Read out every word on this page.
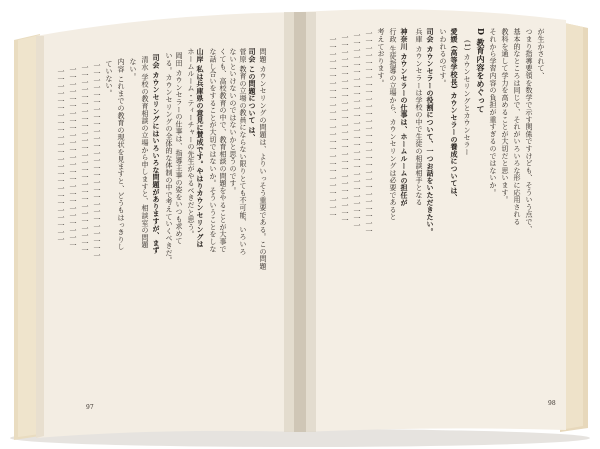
問題 カウンセリングの問題は、よりいっそう重要である。この問題
司会 この問題について は、
菅原 教育の立場の教員にならない限りとても不可能、いろいろ
ないといけないのではないかと思うのです。
くても、高校教育の中で、教育相談の問題をやることが大事で
な話し合いをすることが大切ではないか。そういうことをしな
山岸 私は兵庫県の意見に賛成です。やはりカウンセリングは
ホームルーム・ティーチャーの先生がやるべきだと思う。
岡田 カウンセラーの仕事は、指導主事の姿をいつも求めて
いる。カウンセリングの全体的な体制の中で考えていくべきだ。
司会 カウンセリングにはいろいろな問題がありますが、まず
清水 学校の教育相談の立場から申しますと、相談室の問題
ない。
内容 これまでの教育の現状を見ますと、どうもはっきりし
ていない。
一一一一一一一一一一一一一一一一一一一一一一一一一一一
一一一一一一一一一一一一一一一一一一一一一一一一一一
一一一一一一一一一一一一一一一一一一一一一一一一一
一一一一一一一一一一一一一一一一一一一一一一一一
97
が生かされて、
つまり指導要領を数学で示す関係ですけども、そういう点で、
基本的なところは同じで、それがいろいろな形に応用される
教科を通して学力を高めることが大切だと思います。
それから学習内容の負担が重すぎるのではないか。
D 教育内容をめぐって
(1) カウンセリングとカウンセラー
愛媛 (高等学校長) カウンセラーの養成については、
いわれるのです。
司会 カウンセラーの役割について、一つお話をいただきたい。
兵庫 カウンセラーは学校の中で生徒の相談相手となる
神奈川 カウンセラーの仕事は、ホームルームの担任が
行政 生徒指導の立場から、カウンセリングは必要であると
考えております。
一一一一一一一一一一一一一一一一一一一一一一一一一一一一
一一一一一一一一一一一一一一一一一一一一一一一一一一一
一一一一一一一一一一一一一一一一一一一一一一一一一一
一一一一一一一一一一一一一一一一一一一一一一一一一
98
